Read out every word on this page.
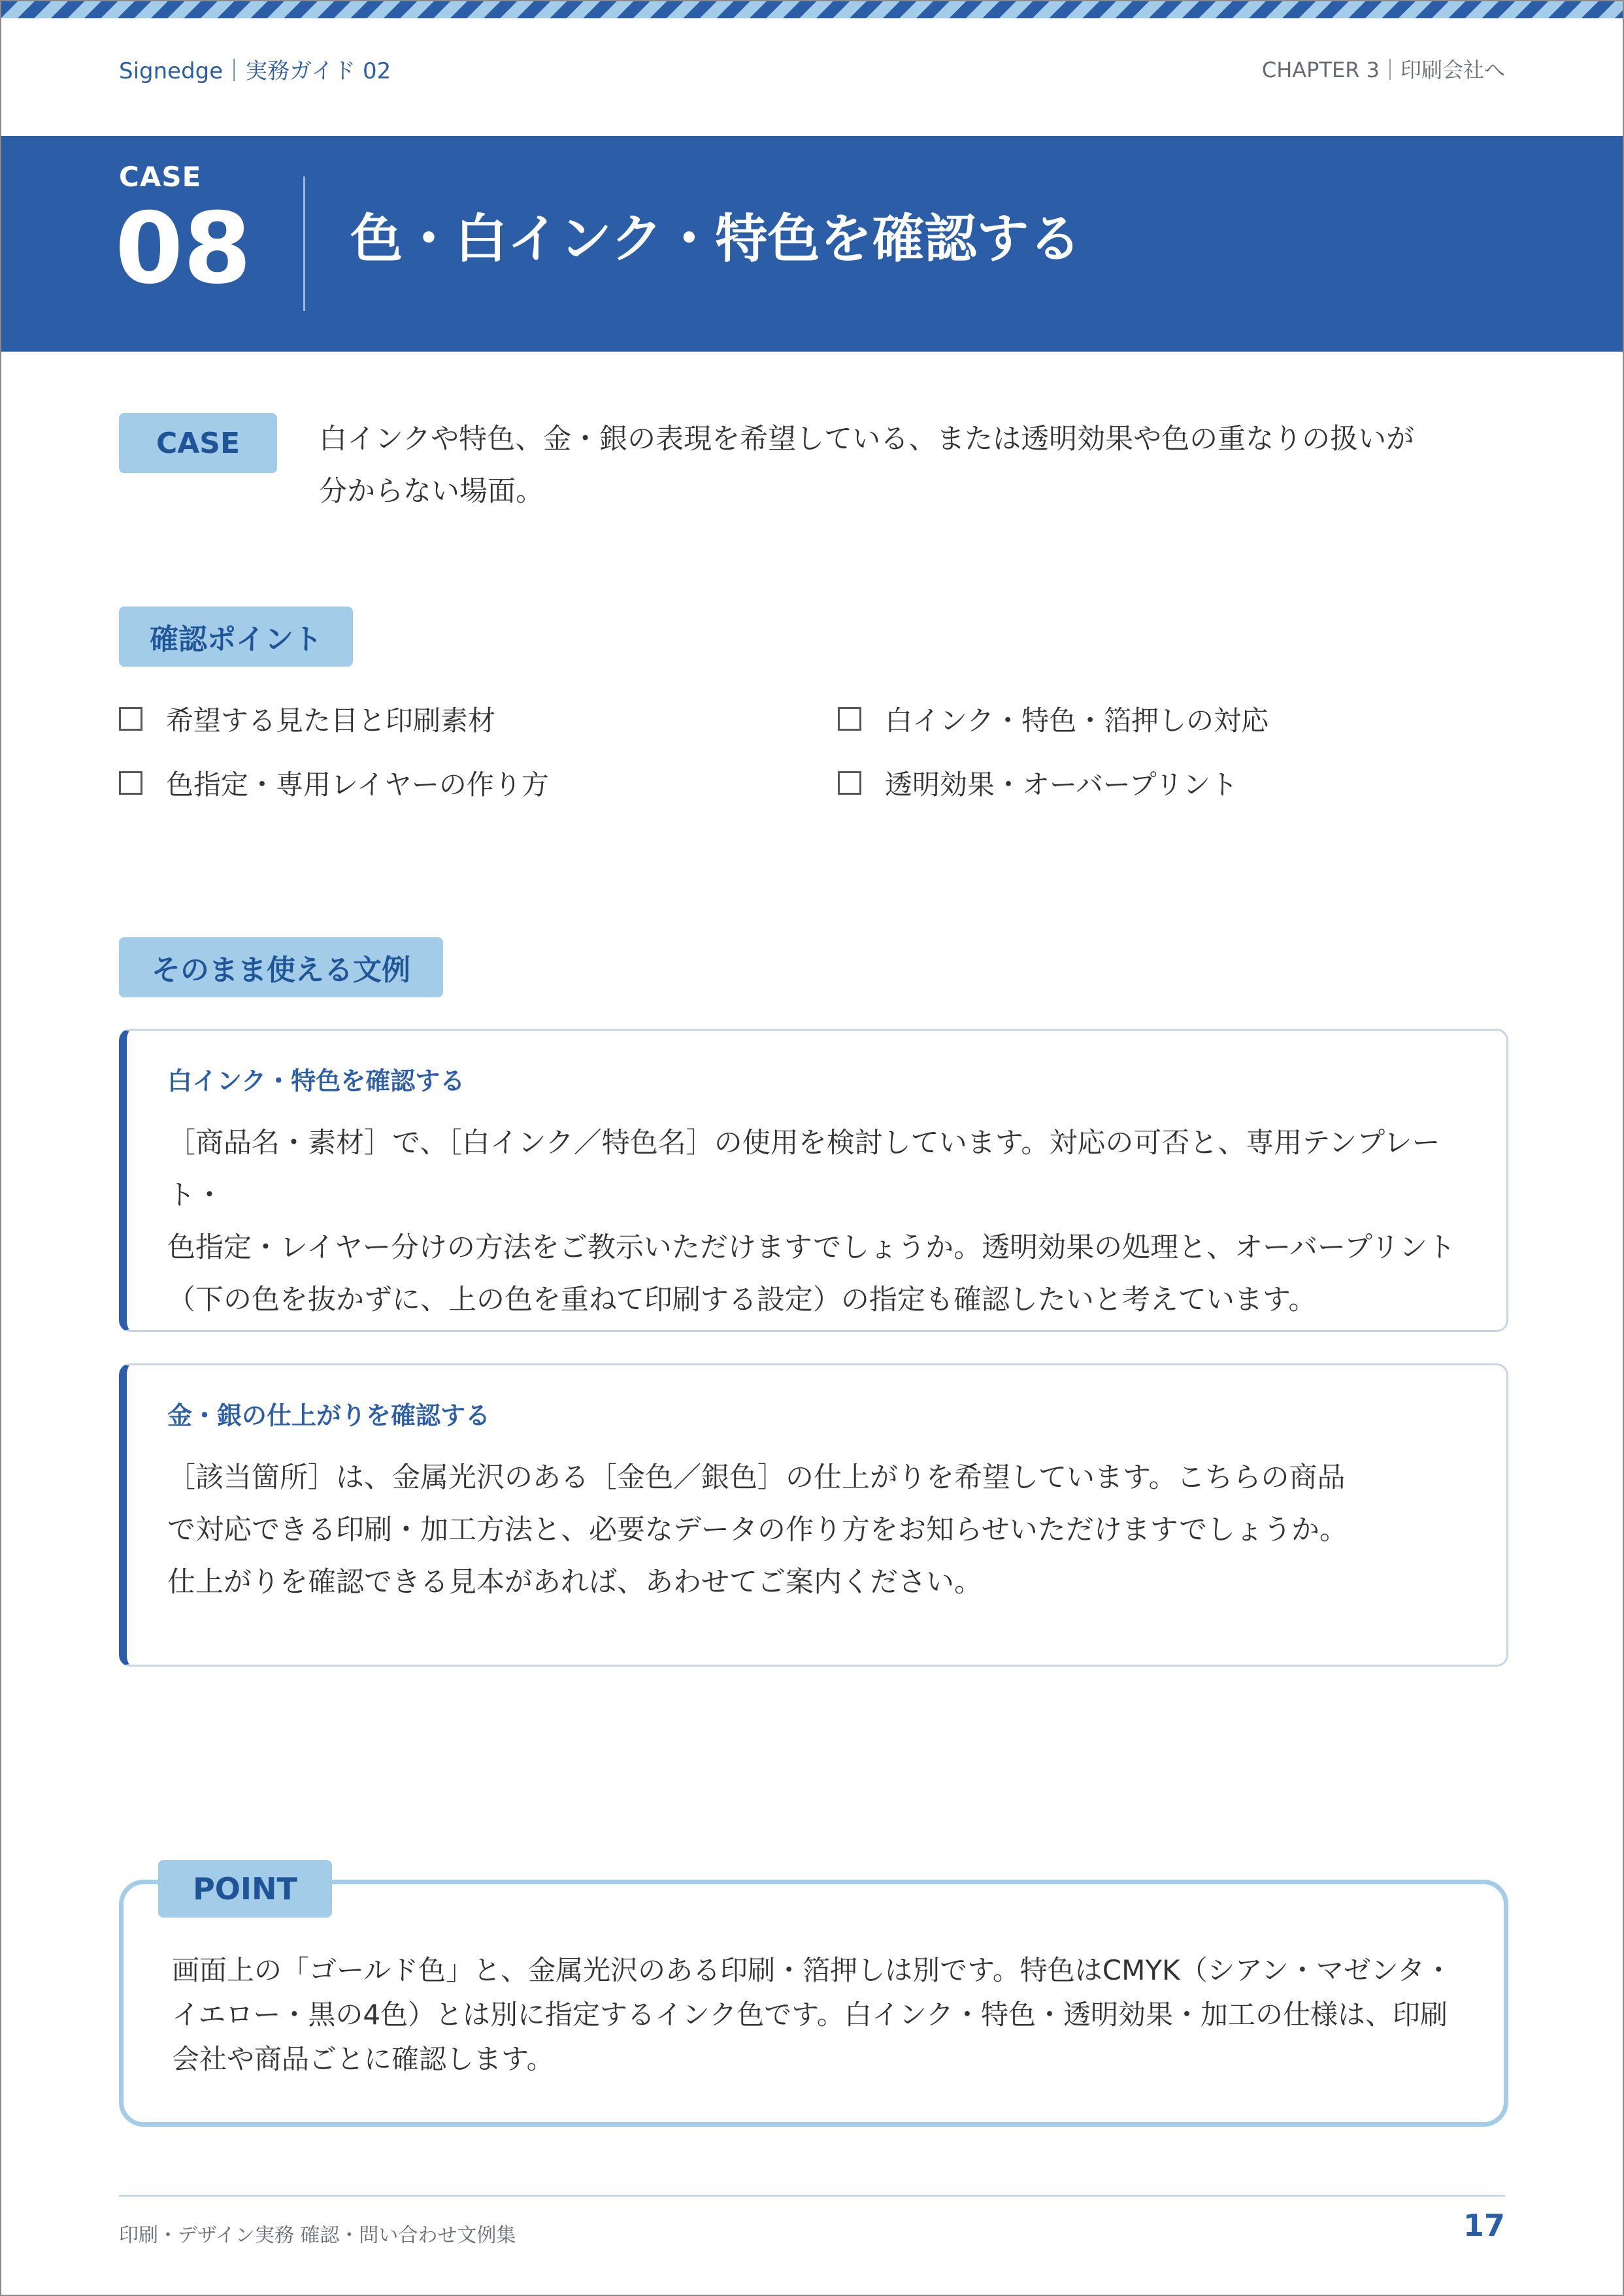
Signedge｜実務ガイド 02	CHAPTER 3｜印刷会社へ
CASE
08 色・白インク・特色を確認する
CASE	白インクや特色、金・銀の表現を希望している、または透明効果や色の重なりの扱いが
分からない場面。
確認ポイント
希望する見た目と印刷素材	白インク・特色・箔押しの対応
色指定・専用レイヤーの作り方	透明効果・オーバープリント
そのまま使える文例
白インク・特色を確認する
［商品名・素材］で、［白インク／特色名］の使用を検討しています。対応の可否と、専用テンプレート・
色指定・レイヤー分けの方法をご教示いただけますでしょうか。透明効果の処理と、オーバープリント
（下の色を抜かずに、上の色を重ねて印刷する設定）の指定も確認したいと考えています。
金・銀の仕上がりを確認する
［該当箇所］は、金属光沢のある［金色／銀色］の仕上がりを希望しています。こちらの商品
で対応できる印刷・加工方法と、必要なデータの作り方をお知らせいただけますでしょうか。
仕上がりを確認できる見本があれば、あわせてご案内ください。
画面上の「ゴールド色」と、金属光沢のある印刷・箔押しは別です。特色はCMYK（シアン・マゼンタ・
イエロー・黒の4色）とは別に指定するインク色です。白インク・特色・透明効果・加工の仕様は、印刷
会社や商品ごとに確認します。
POINT
印刷・デザイン実務 確認・問い合わせ文例集	17
